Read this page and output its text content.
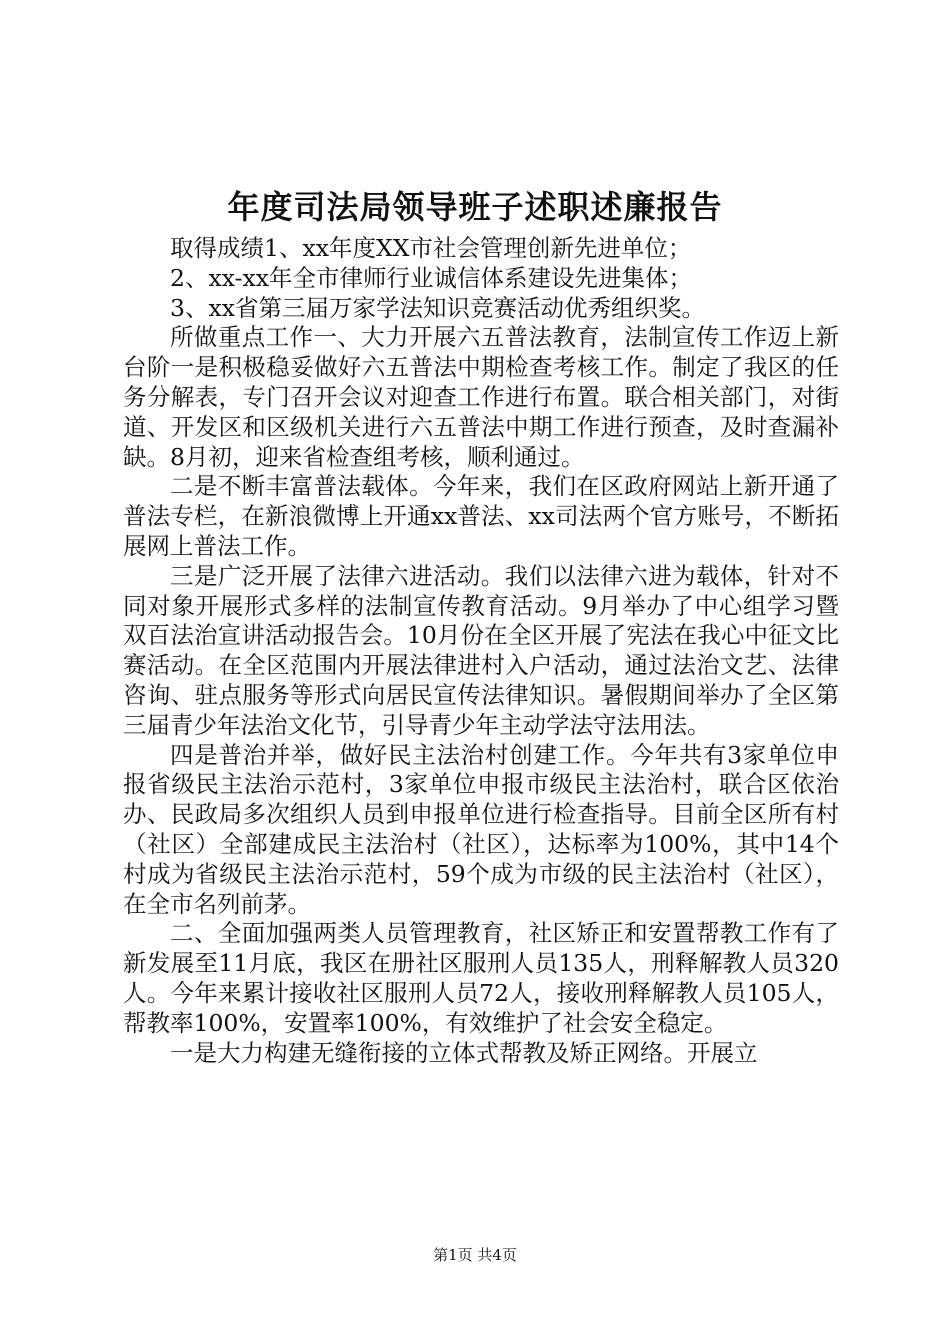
年度司法局领导班子述职述廉报告

取得成绩1、xx年度XX市社会管理创新先进单位；

2、xx-xx年全市律师行业诚信体系建设先进集体；

3、xx省第三届万家学法知识竞赛活动优秀组织奖。

所做重点工作一、大力开展六五普法教育，法制宣传工作迈上新台阶一是积极稳妥做好六五普法中期检查考核工作。制定了我区的任务分解表，专门召开会议对迎查工作进行布置。联合相关部门，对街道、开发区和区级机关进行六五普法中期工作进行预查，及时查漏补缺。8月初，迎来省检查组考核，顺利通过。

二是不断丰富普法载体。今年来，我们在区政府网站上新开通了普法专栏，在新浪微博上开通xx普法、xx司法两个官方账号，不断拓展网上普法工作。

三是广泛开展了法律六进活动。我们以法律六进为载体，针对不同对象开展形式多样的法制宣传教育活动。9月举办了中心组学习暨双百法治宣讲活动报告会。10月份在全区开展了宪法在我心中征文比赛活动。在全区范围内开展法律进村入户活动，通过法治文艺、法律咨询、驻点服务等形式向居民宣传法律知识。暑假期间举办了全区第三届青少年法治文化节，引导青少年主动学法守法用法。

四是普治并举，做好民主法治村创建工作。今年共有3家单位申报省级民主法治示范村，3家单位申报市级民主法治村，联合区依治办、民政局多次组织人员到申报单位进行检查指导。目前全区所有村（社区）全部建成民主法治村（社区），达标率为100%，其中14个村成为省级民主法治示范村，59个成为市级的民主法治村（社区），在全市名列前茅。

二、全面加强两类人员管理教育，社区矫正和安置帮教工作有了新发展至11月底，我区在册社区服刑人员135人，刑释解教人员320人。今年来累计接收社区服刑人员72人，接收刑释解教人员105人，帮教率100%，安置率100%，有效维护了社会安全稳定。

一是大力构建无缝衔接的立体式帮教及矫正网络。开展立

第1页 共4页
